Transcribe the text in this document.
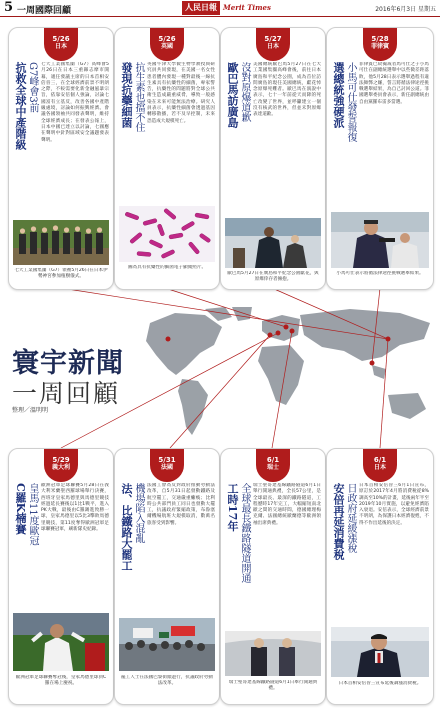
5 一周國際回顧	人民日報 Merit Times	2016年6月3日 星期五
5/26
日本
抗救全球中產階級 G7峰會3前 七大工業國集團（G7）高峰會5月26日在日本三重縣志摩市開幕，適任發議主席的日本首相安倍晉三，在全球經濟前景不明朗之際，不較需要化新金融風暴宗旨，依靠安倍個人強論，討論七國富有立基反，改善各國中產階級處境，討論如何振興經濟。會議各國領袖共同發表聲明，維持全球經濟成長；在發表公報上，日本中國已達立以討論，七國應在聲明中針對區域安全議題發表聲明。
七大工業國集團（G7）領袖5月26日在日本伊勢神宮參加植樹儀式。
5/26
英國
發現抗藥細菌 抗生素也擋不住 英國牛津大學微生物學教授與研究員共同發現，在美國一名女性患者體內發現一種對最後一線抗生素具有抗藥性的細菌，專家警告，抗藥性的問題將對全球公共衛生造成嚴重威脅，導致一般感染在未來可能無法治療。研究人員表示，抗藥性細菌會透過基因轉移散播，若不及早控制，未來恐造成大規模死亡。
圖為具有抗藥性的細菌電子顯微照片。
5/27
日本
歐巴馬訪廣島 沒對原爆道歉 美國總統歐巴馬5月27日在七大工業國集團高峰會後，前往日本廣島和平紀念公園，成為首位訪問廣島的現任美國總統，獻花悼念原爆死難者。歐巴馬在演說中表示，七十一年前從天而降的死亡改變了世界，並呼籲建立一個沒有核武的世界，但並未對原爆表達道歉。
歐巴馬5月27日在廣島和平紀念公園獻花，與原爆倖存者擁抱。
5/28
菲律賓
選總統強硬派 小馬可仕發誓報復 菲律賓已故獨裁者馬可仕之子小馬可仕在副總統選舉中以些微差距落敗，他5月28日表示選舉過程有違法舞弊之嫌，誓言將循法律途徑挑戰選舉結果，為自己討回公道。菲國選舉委員會表示，新任副總統由自由黨羅布雷多當選。
小馬可仕表示將循法律途徑挑戰選舉結果。
寰宇新聞
一周回顧
整理／溫明明
5/29
義大利
C羅K楠賽 皇馬11度歐冠 歐洲冠軍足球聯賽5月28日在義大利米蘭聖西羅球場舉行決賽，西班牙皇家馬德里與馬德里競技經過延長賽後以1比1戰平，進入PK大戰，最後由C羅踢進致勝一球，皇家馬德里以5比3擊敗馬德里競技，第11度奪得歐洲冠軍足球聯賽冠軍，刷新隊史紀錄。
歐洲冠軍足球聯賽奪冠後，皇家馬德里球員C羅在場上慶祝。
5/31
法國
法、比鐵路大罷工 機場陷入混亂 法國工會為反對政府推動勞動法改革，自5月31日起發動鐵路及航空罷工，交通嚴重癱瘓；比利時公共部門員工同日也發動大罷工，抗議政府緊縮政策，布魯塞爾機場航班大規模取消，數萬名旅客受到影響。
罷工人士在法國巴黎街頭遊行，抗議政府勞動法改革。
6/1
瑞士
工時17年 全球最長鐵路隧道開通 瑞士聖哥達基線鐵路隧道6月1日舉行開通典禮，全長57公里，是全球最長、最深的鐵路隧道，工程歷時17年完工，大幅縮短南北歐之間的交通時間，德國總理梅克爾、法國總統歐蘭德等歐洲領袖出席典禮。
瑞士聖哥達基線鐵路隧道6月1日舉行開通典禮。
6/1
日本
安倍再延消費稅 日政府延緩漲稅 日本首相安倍晉三6月1日宣布，原訂於2017年4月將消費稅從8%調高至10%的計畫，延後兩年半至2019年10月實施，以避免經濟陷入衰退。安倍表示，全球經濟前景不明朗，為保護日本經濟復甦，不得不作出延後的決定。
日本首相安倍晉三宣布延後調漲消費稅。
